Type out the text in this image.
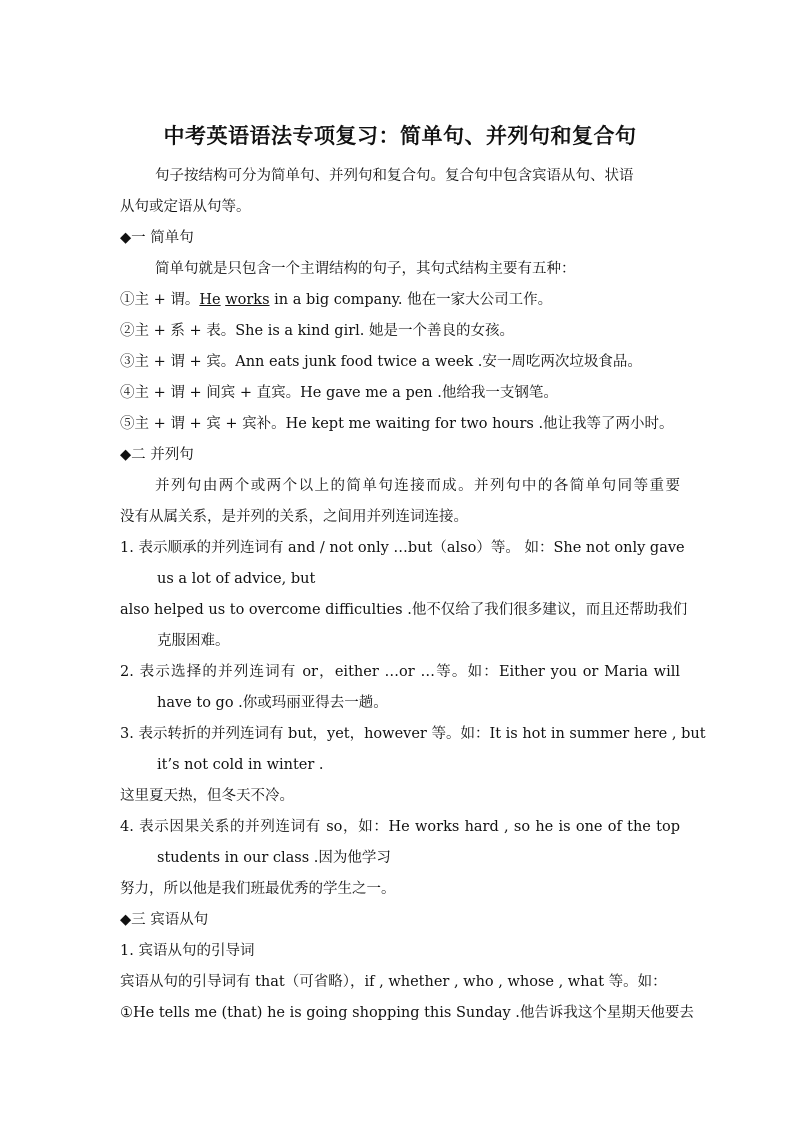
中考英语语法专项复习：简单句、并列句和复合句
句子按结构可分为简单句、并列句和复合句。复合句中包含宾语从句、状语
从句或定语从句等。
◆一 简单句
简单句就是只包含一个主谓结构的句子，其句式结构主要有五种：
①主 + 谓。He works in a big company. 他在一家大公司工作。
②主 + 系 + 表。She is a kind girl. 她是一个善良的女孩。
③主 + 谓 + 宾。Ann eats junk food twice a week .安一周吃两次垃圾食品。
④主 + 谓 + 间宾 + 直宾。He gave me a pen .他给我一支钢笔。
⑤主 + 谓 + 宾 + 宾补。He kept me waiting for two hours .他让我等了两小时。
◆二 并列句
并列句由两个或两个以上的简单句连接而成。并列句中的各简单句同等重要
没有从属关系，是并列的关系，之间用并列连词连接。
1. 表示顺承的并列连词有 and / not only …but（also）等。 如：She not only gave
us a lot of advice, but
also helped us to overcome difficulties .他不仅给了我们很多建议，而且还帮助我们
克服困难。
2. 表示选择的并列连词有 or，either …or …等。如：Either you or Maria will
have to go .你或玛丽亚得去一趟。
3. 表示转折的并列连词有 but，yet，however 等。如：It is hot in summer here , but
it’s not cold in winter .
这里夏天热，但冬天不冷。
4. 表示因果关系的并列连词有 so，如：He works hard , so he is one of the top
students in our class .因为他学习
努力，所以他是我们班最优秀的学生之一。
◆三 宾语从句
1. 宾语从句的引导词
宾语从句的引导词有 that（可省略），if , whether , who , whose , what 等。如：
①He tells me (that) he is going shopping this Sunday .他告诉我这个星期天他要去
